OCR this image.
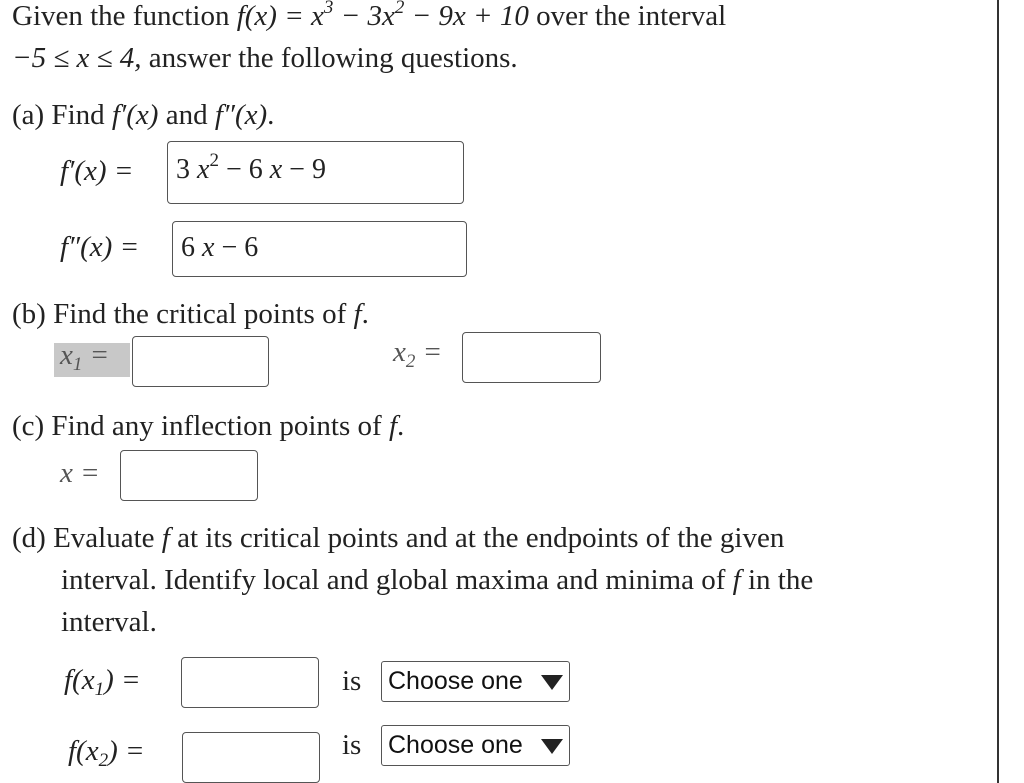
Given the function $f(x) = x^3 - 3x^2 - 9x + 10$ over the interval
−5 ≤ x ≤ 4, answer the following questions.
(a) Find f′(x) and f″(x).
f′(x) =	3 $x^2 - 6$ x − 9
f″(x) =	6 x − 6
(b) Find the critical points of f.
$x_1$ =	$x_2$ =
(c) Find any inflection points of f.
x =
(d) Evaluate f at its critical points and at the endpoints of the given
interval. Identify local and global maxima and minima of f in the
interval.
$f(x_1)$ =	is Choose one
$f(x_2)$ =	is Choose one
